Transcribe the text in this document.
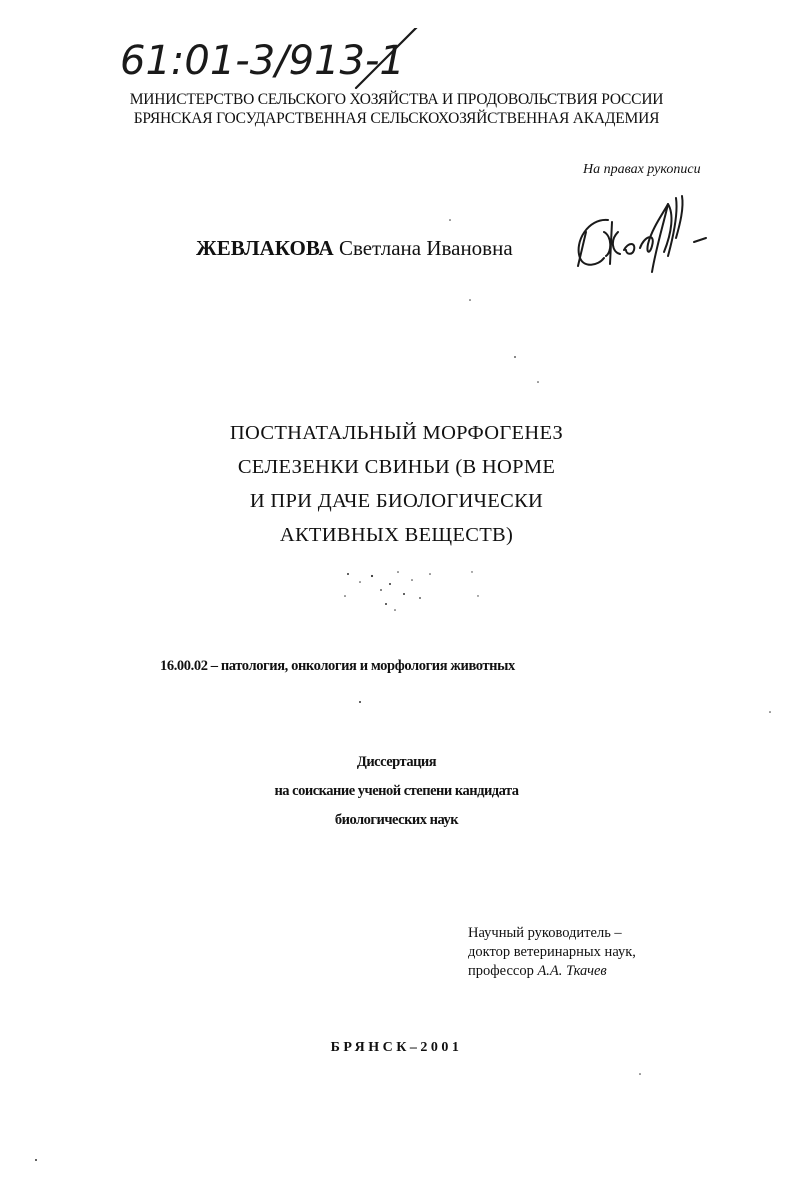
61:01-3/913-1
МИНИСТЕРСТВО СЕЛЬСКОГО ХОЗЯЙСТВА И ПРОДОВОЛЬСТВИЯ РОССИИ
БРЯНСКАЯ ГОСУДАРСТВЕННАЯ СЕЛЬСКОХОЗЯЙСТВЕННАЯ АКАДЕМИЯ
На правах рукописи
ЖЕВЛАКОВА Светлана Ивановна
ПОСТНАТАЛЬНЫЙ МОРФОГЕНЕЗ
СЕЛЕЗЕНКИ СВИНЬИ (В НОРМЕ
И ПРИ ДАЧЕ БИОЛОГИЧЕСКИ
АКТИВНЫХ ВЕЩЕСТВ)
16.00.02 – патология, онкология и морфология животных
Диссертация
на соискание ученой степени кандидата
биологических наук
Научный руководитель –
доктор ветеринарных наук,
профессор А.А. Ткачев
БРЯНСК–2001
